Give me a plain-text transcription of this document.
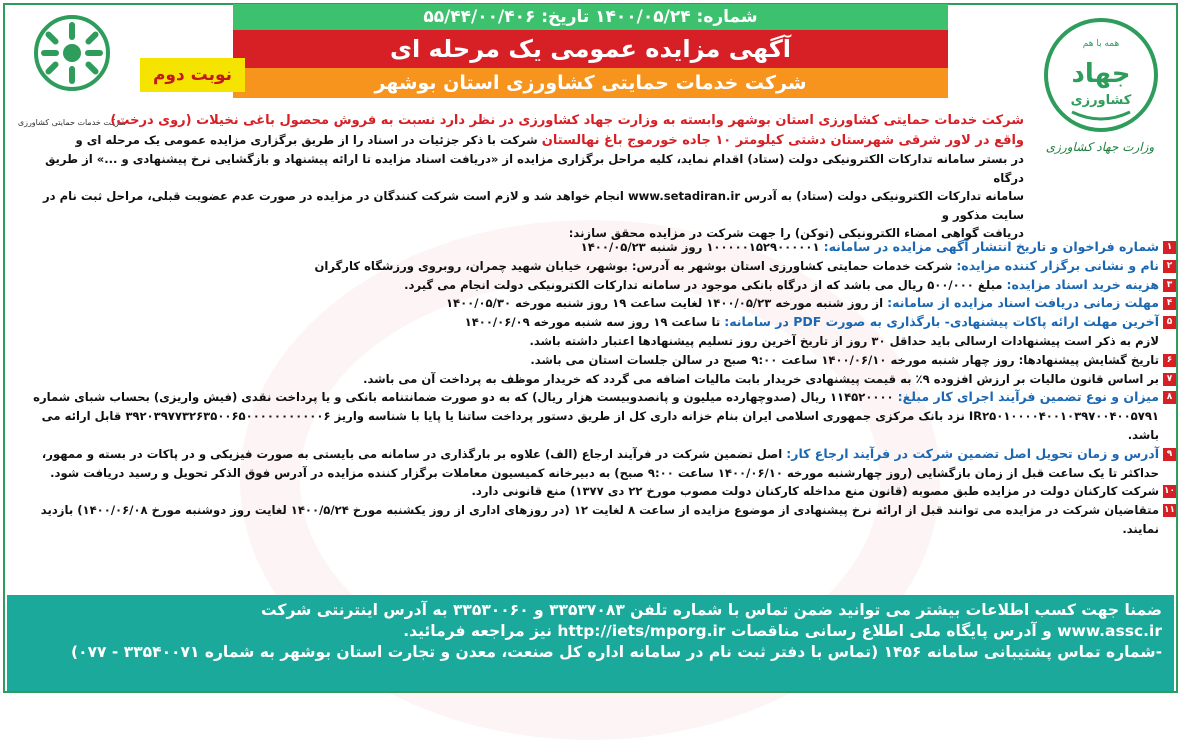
شماره: ۱۴۰۰/۰۵/۲۴ تاریخ: ۵۵/۴۴/۰۰/۴۰۶
آگهی مزایده عمومی یک مرحله ای
شرکت خدمات حمایتی کشاورزی استان بوشهر
نوبت دوم
شرکت خدمات حمایتی کشاورزی
همه با هم
جهاد
کشاورزی
وزارت جهاد کشاورزی

شرکت خدمات حمایتی کشاورزی استان بوشهر وابسته به وزارت جهاد کشاورزی در نظر دارد نسبت به فروش محصول باغی نخیلات (روی درخت)

واقع در لاور شرقی شهرستان دشتی کیلومتر ۱۰ جاده خورموج باغ نهالستان شرکت با ذکر جزئیات در اسناد را از طریق برگزاری مزایده عمومی یک مرحله ای و

در بستر سامانه تدارکات الکترونیکی دولت (ستاد) اقدام نماید، کلیه مراحل برگزاری مزایده از «دریافت اسناد مزایده تا ارائه پیشنهاد و بازگشایی نرخ پیشنهادی و ...» از طریق درگاه

سامانه تدارکات الکترونیکی دولت (ستاد) به آدرس www.setadiran.ir انجام خواهد شد و لازم است شرکت کنندگان در مزایده در صورت عدم عضویت قبلی، مراحل ثبت نام در سایت مذکور و

دریافت گواهی امضاء الکترونیکی (توکن) را جهت شرکت در مزایده محقق سازند:

۱
شماره فراخوان و تاریخ انتشار آگهی مزایده در سامانه: ۱۰۰۰۰۰۱۵۲۹۰۰۰۰۰۱ روز شنبه ۱۴۰۰/۰۵/۲۳
۲
نام و نشانی برگزار کننده مزایده: شرکت خدمات حمایتی کشاورزی استان بوشهر به آدرس: بوشهر، خیابان شهید چمران، روبروی ورزشگاه کارگران
۳
هزینه خرید اسناد مزایده: مبلغ ۵۰۰/۰۰۰ ریال می باشد که از درگاه بانکی موجود در سامانه تدارکات الکترونیکی دولت انجام می گیرد.
۴
مهلت زمانی دریافت اسناد مزایده از سامانه: از روز شنبه مورخه ۱۴۰۰/۰۵/۲۳ لغایت ساعت ۱۹ روز شنبه مورخه ۱۴۰۰/۰۵/۳۰
۵
آخرین مهلت ارائه پاکات پیشنهادی- بارگذاری به صورت PDF در سامانه: تا ساعت ۱۹ روز سه شنبه مورخه ۱۴۰۰/۰۶/۰۹
لازم به ذکر است پیشنهادات ارسالی باید حداقل ۳۰ روز از تاریخ آخرین روز تسلیم پیشنهادها اعتبار داشته باشد.
۶
تاریخ گشایش پیشنهادها: روز چهار شنبه مورخه ۱۴۰۰/۰۶/۱۰ ساعت ۹:۰۰ صبح در سالن جلسات استان می باشد.
۷
بر اساس قانون مالیات بر ارزش افزوده ۹٪ به قیمت پیشنهادی خریدار بابت مالیات اضافه می گردد که خریدار موظف به پرداخت آن می باشد.
۸
میزان و نوع تضمین فرآیند اجرای کار مبلغ: ۱۱۴۵۲۰۰۰۰ ریال (صدوچهارده میلیون و پانصدوبیست هزار ریال) که به دو صورت ضمانتنامه بانکی و یا پرداخت نقدی (فیش واریزی) بحساب شبای شماره
IR۲۵۰۱۰۰۰۰۴۰۰۱۰۳۹۷۰۰۴۰۰۵۷۹۱ نزد بانک مرکزی جمهوری اسلامی ایران بنام خزانه داری کل از طریق دستور پرداخت ساتنا یا پایا با شناسه واریز ۳۹۲۰۳۹۷۷۳۲۶۳۵۰۰۶۵۰۰۰۰۰۰۰۰۰۰۰۶ قابل ارائه می باشد.
۹
آدرس و زمان تحویل اصل تضمین شرکت در فرآیند ارجاع کار: اصل تضمین شرکت در فرآیند ارجاع (الف) علاوه بر بارگذاری در سامانه می بایستی به صورت فیزیکی و در پاکات در بسته و ممهور،
حداکثر تا یک ساعت قبل از زمان بازگشایی (روز چهارشنبه مورخه ۱۴۰۰/۰۶/۱۰ ساعت ۹:۰۰ صبح) به دبیرخانه کمیسیون معاملات برگزار کننده مزایده در آدرس فوق الذکر تحویل و رسید دریافت شود.
۱۰
شرکت کارکنان دولت در مزایده طبق مصوبه (قانون منع مداخله کارکنان دولت مصوب مورخ ۲۲ دی ۱۳۷۷) منع قانونی دارد.
۱۱
متقاضیان شرکت در مزایده می توانند قبل از ارائه نرخ پیشنهادی از موضوع مزایده از ساعت ۸ لغایت ۱۲ (در روزهای اداری از روز یکشنبه مورخ ۱۴۰۰/۵/۲۴ لغایت روز دوشنبه مورخ ۱۴۰۰/۰۶/۰۸) بازدید نمایند.

ضمنا جهت کسب اطلاعات بیشتر می توانید ضمن تماس با شماره تلفن ۳۳۵۳۷۰۸۳ و ۳۳۵۳۰۰۶۰ به آدرس اینترنتی شرکت

www.assc.ir و آدرس پایگاه ملی اطلاع رسانی مناقصات http://iets/mporg.ir نیز مراجعه فرمائید.

-شماره تماس پشتیبانی سامانه ۱۴۵۶ (تماس با دفتر ثبت نام در سامانه اداره کل صنعت، معدن و تجارت استان بوشهر به شماره ۳۳۵۴۰۰۷۱ - ۰۷۷)
